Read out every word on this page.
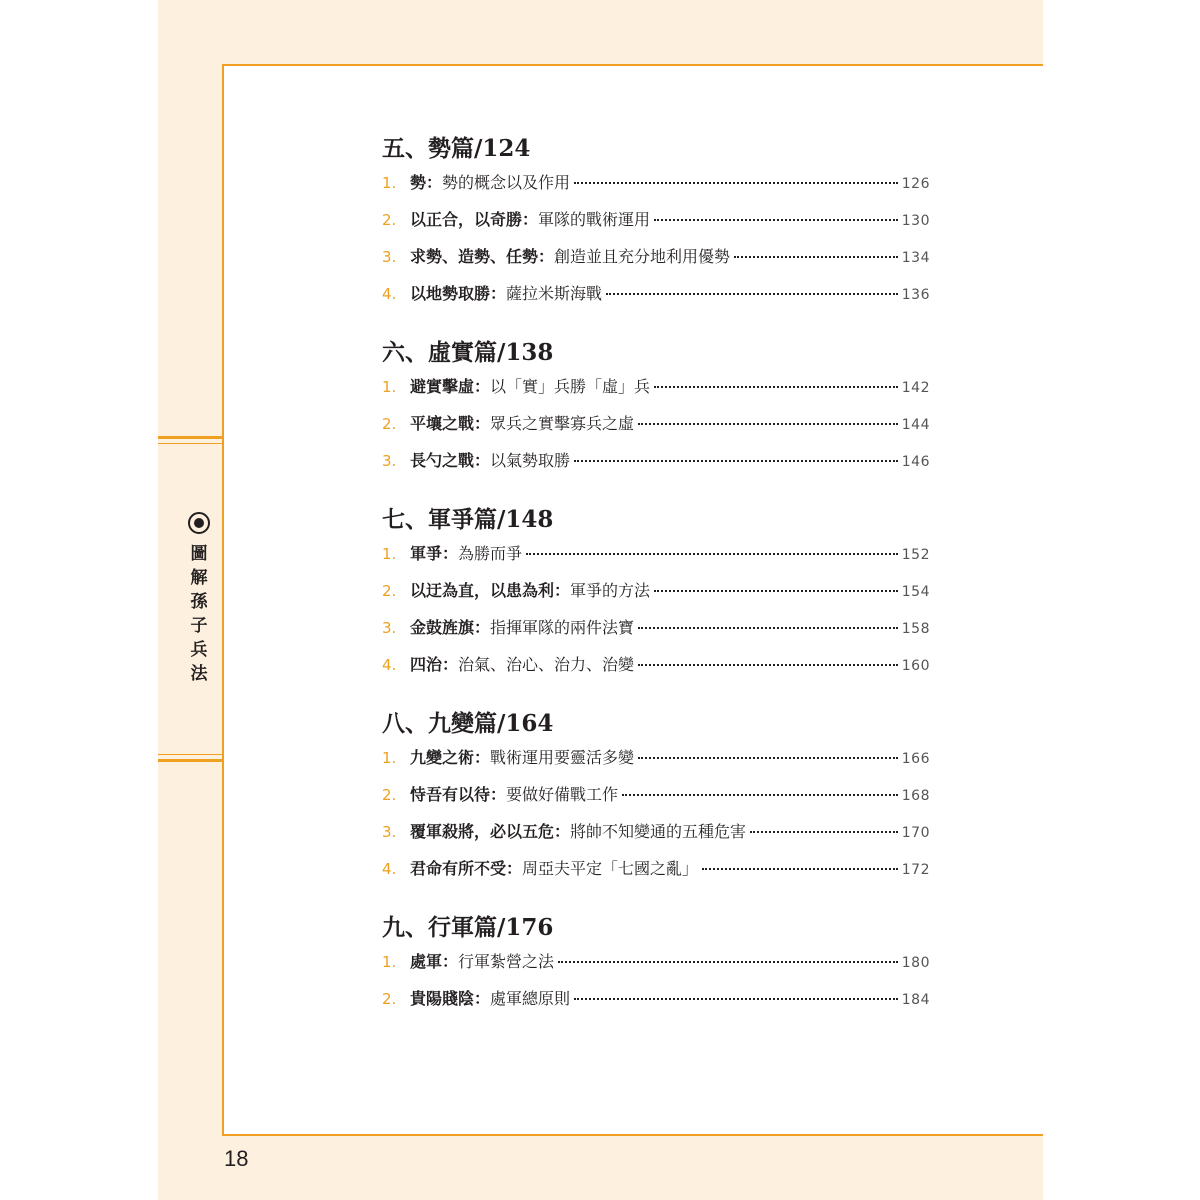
圖
解
孫
子
兵
法
18
五、勢篇/124
1. 勢：勢的概念以及作用	126
2. 以正合，以奇勝：軍隊的戰術運用	130
3. 求勢、造勢、任勢：創造並且充分地利用優勢	134
4. 以地勢取勝：薩拉米斯海戰	136
六、虛實篇/138
1. 避實擊虛：以「實」兵勝「虛」兵	142
2. 平壤之戰：眾兵之實擊寡兵之虛	144
3. 長勺之戰：以氣勢取勝	146
七、軍爭篇/148
1. 軍爭：為勝而爭	152
2. 以迂為直，以患為利：軍爭的方法	154
3. 金鼓旌旗：指揮軍隊的兩件法寶	158
4. 四治：治氣、治心、治力、治變	160
八、九變篇/164
1. 九變之術：戰術運用要靈活多變	166
2. 恃吾有以待：要做好備戰工作	168
3. 覆軍殺將，必以五危：將帥不知變通的五種危害	170
4. 君命有所不受：周亞夫平定「七國之亂」	172
九、行軍篇/176
1. 處軍：行軍紮營之法	180
2. 貴陽賤陰：處軍總原則	184
